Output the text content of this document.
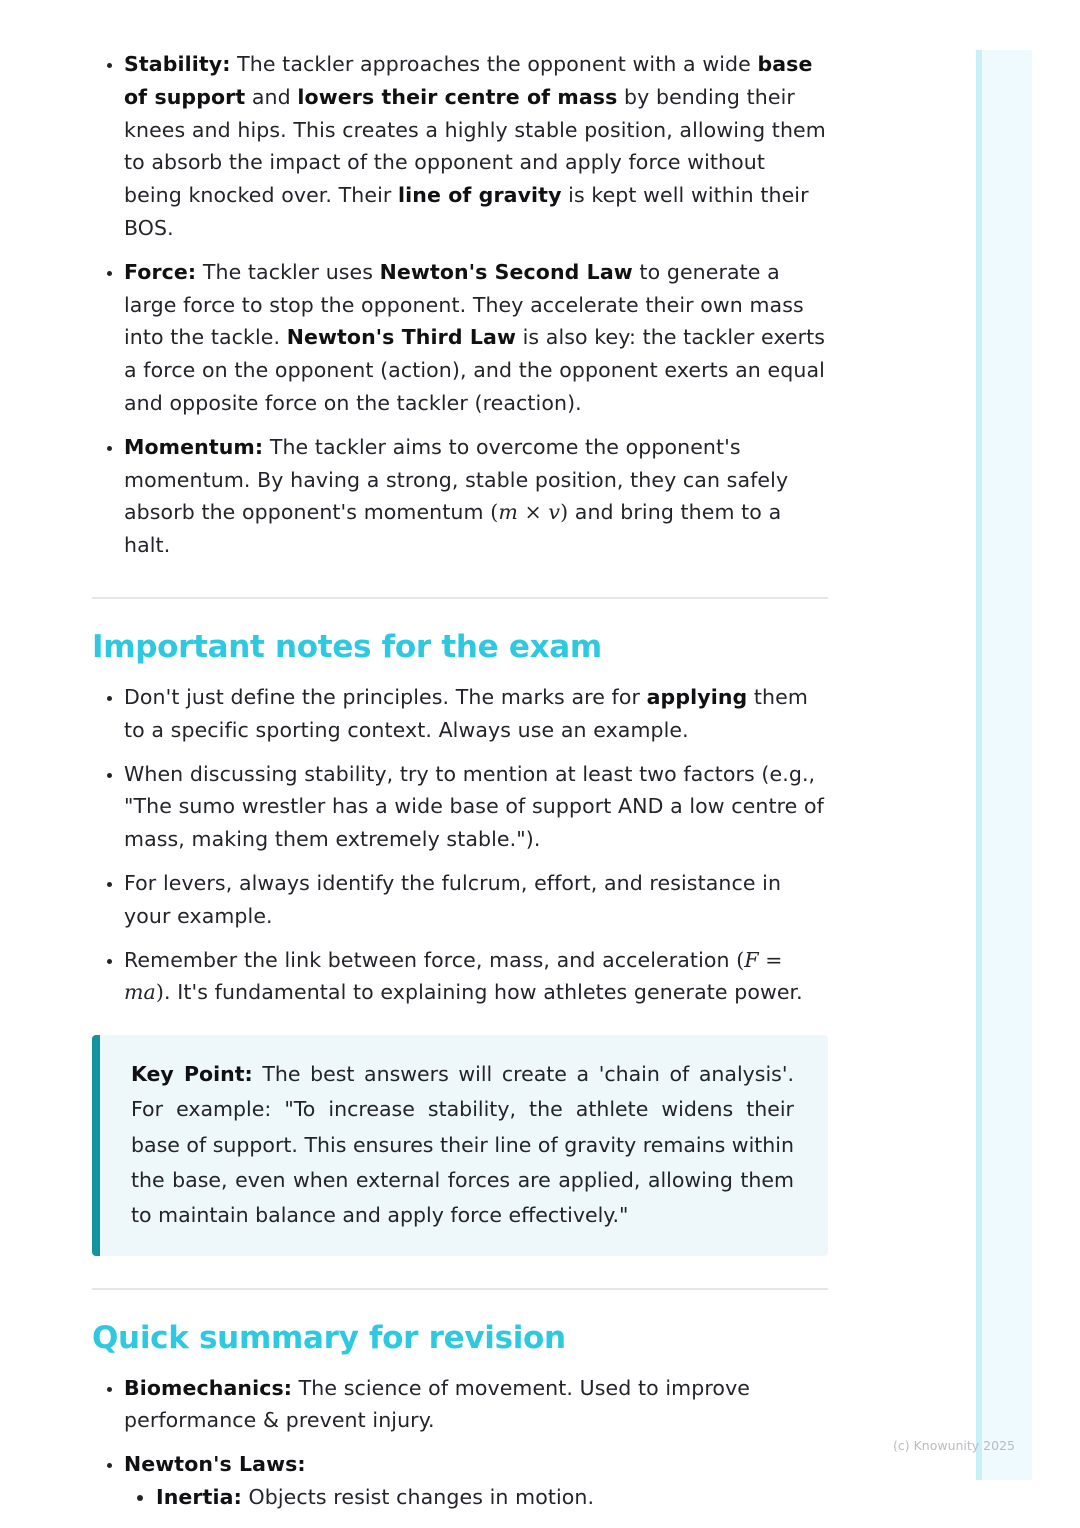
• Stability: The tackler approaches the opponent with a wide base of support and lowers their centre of mass by bending their knees and hips. This creates a highly stable position, allowing them to absorb the impact of the opponent and apply force without being knocked over. Their line of gravity is kept well within their BOS.
• Force: The tackler uses Newton's Second Law to generate a large force to stop the opponent. They accelerate their own mass into the tackle. Newton's Third Law is also key: the tackler exerts a force on the opponent (action), and the opponent exerts an equal and opposite force on the tackler (reaction).
• Momentum: The tackler aims to overcome the opponent's momentum. By having a strong, stable position, they can safely absorb the opponent's momentum (m × v) and bring them to a halt.
Important notes for the exam
• Don't just define the principles. The marks are for applying them to a specific sporting context. Always use an example.
• When discussing stability, try to mention at least two factors (e.g., "The sumo wrestler has a wide base of support AND a low centre of mass, making them extremely stable.").
• For levers, always identify the fulcrum, effort, and resistance in your example.
• Remember the link between force, mass, and acceleration (F = ma). It's fundamental to explaining how athletes generate power.
Key Point: The best answers will create a 'chain of analysis'. For example: "To increase stability, the athlete widens their base of support. This ensures their line of gravity remains within the base, even when external forces are applied, allowing them to maintain balance and apply force effectively."
Quick summary for revision
• Biomechanics: The science of movement. Used to improve performance & prevent injury.
• Newton's Laws:
• Inertia: Objects resist changes in motion.
(c) Knowunity 2025
